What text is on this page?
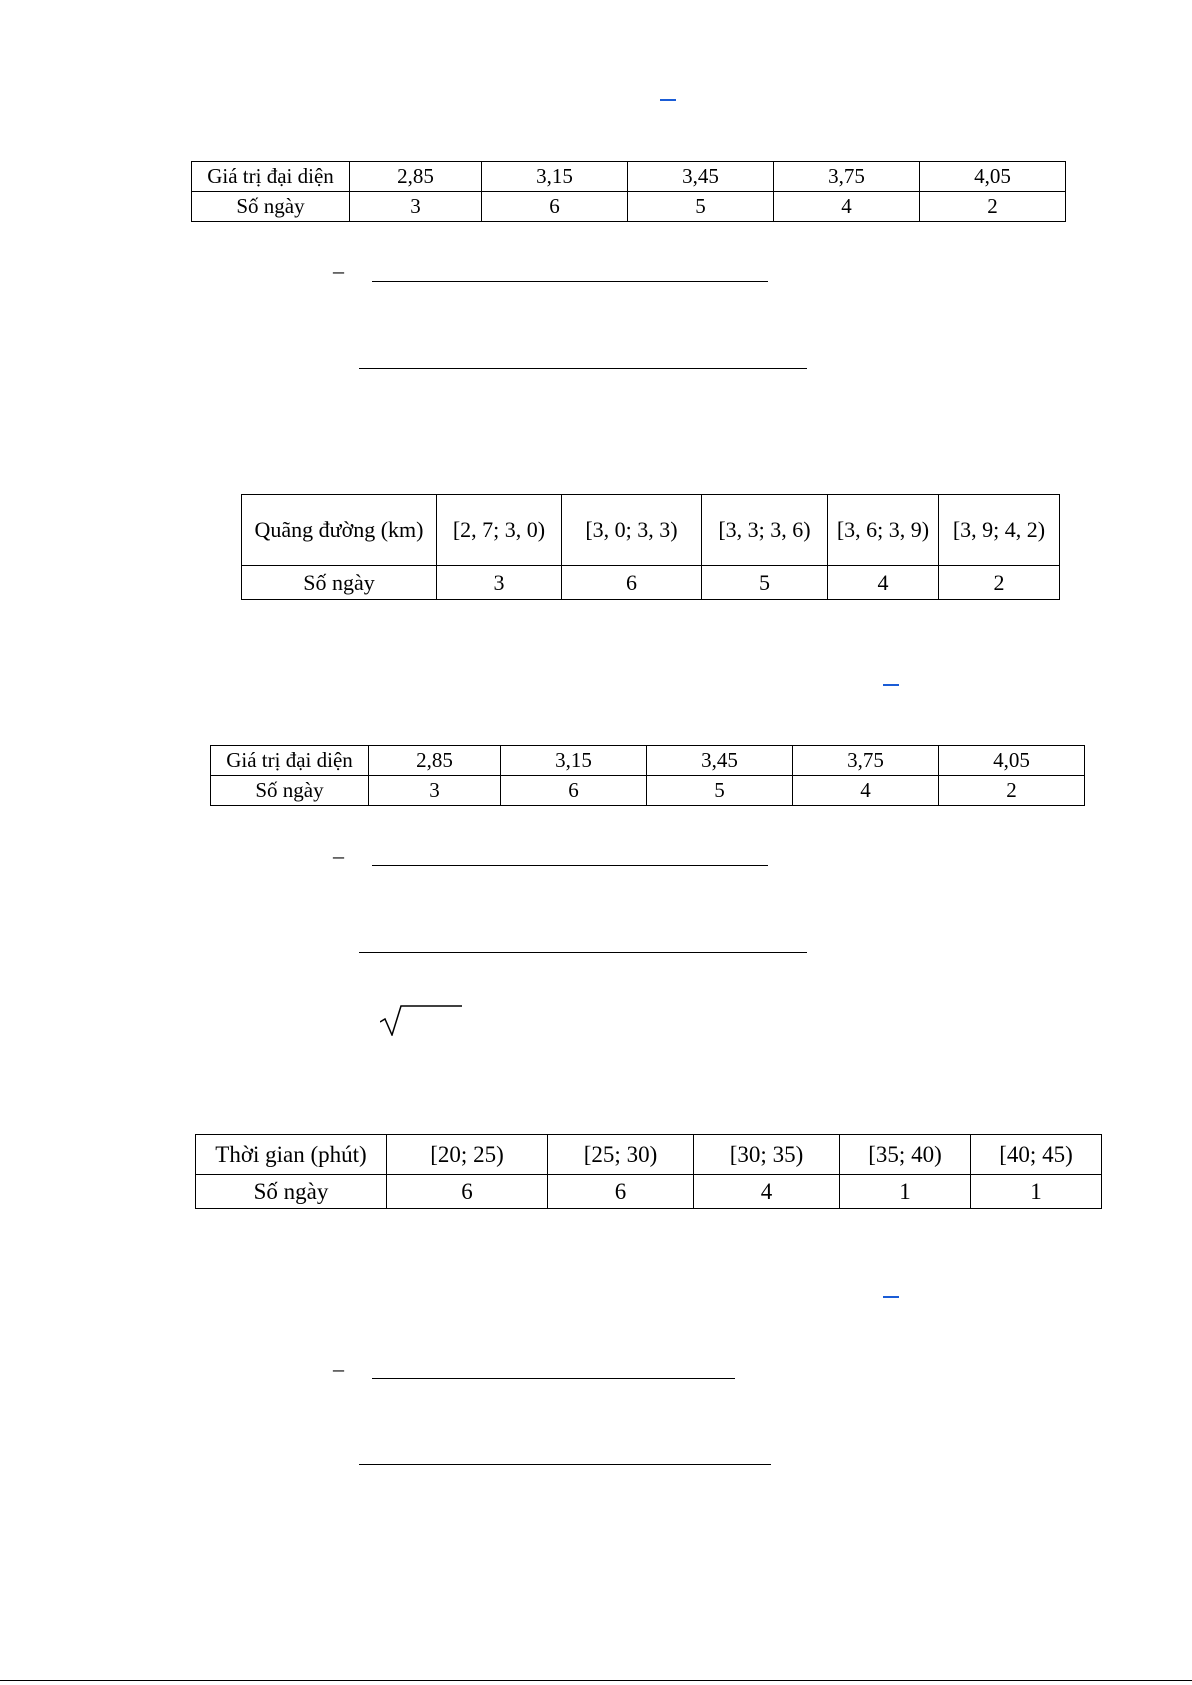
Giá trị đại diện	2,85	3,15	3,45	3,75	4,05
Số ngày	3	6	5	4	2
–
Quãng đường (km)	[2, 7; 3, 0)	[3, 0; 3, 3)	[3, 3; 3, 6)	[3, 6; 3, 9)	[3, 9; 4, 2)
Số ngày	3	6	5	4	2
Giá trị đại diện	2,85	3,15	3,45	3,75	4,05
Số ngày	3	6	5	4	2
–
Thời gian (phút)	[20; 25)	[25; 30)	[30; 35)	[35; 40)	[40; 45)
Số ngày	6	6	4	1	1
–
